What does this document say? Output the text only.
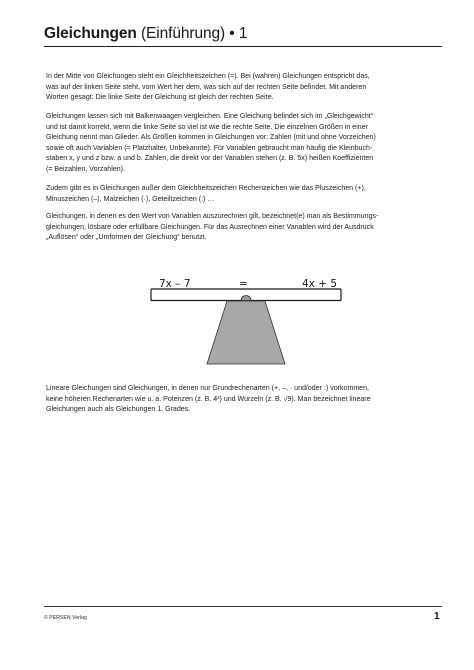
Gleichungen (Einführung) • 1
In der Mitte von Gleichungen steht ein Gleichheitszeichen (=). Bei (wahren) Gleichungen entspricht das,
was auf der linken Seite steht, vom Wert her dem, was sich auf der rechten Seite befindet. Mit anderen
Worten gesagt: Die linke Seite der Gleichung ist gleich der rechten Seite.
Gleichungen lassen sich mit Balkenwaagen vergleichen. Eine Gleichung befindet sich im „Gleichgewicht“
und ist damit korrekt, wenn die linke Seite so viel ist wie die rechte Seite. Die einzelnen Größen in einer
Gleichung nennt man Glieder. Als Größen kommen in Gleichungen vor: Zahlen (mit und ohne Vorzeichen)
sowie oft auch Variablen (= Platzhalter, Unbekannte). Für Variablen gebraucht man häufig die Kleinbuch-
staben x, y und z bzw. a und b. Zahlen, die direkt vor der Variablen stehen (z. B. 5x) heißen Koeffizienten
(= Beizahlen, Vorzahlen).
Zudem gibt es in Gleichungen außer dem Gleichheitszeichen Rechenzeichen wie das Pluszeichen (+),
Minuszeichen (–), Malzeichen (·), Geteiltzeichen (:) …
Gleichungen, in denen es den Wert von Variablen auszurechnen gilt, bezeichnet(e) man als Bestimmungs-
gleichungen, lösbare oder erfüllbare Gleichungen. Für das Ausrechnen einer Variablen wird der Ausdruck
„Auflösen“ oder „Umformen der Gleichung“ benutzt.
7x – 7	=	4x + 5
Lineare Gleichungen sind Gleichungen, in denen nur Grundrechenarten (+, –, · und/oder :) vorkommen,
keine höheren Rechenarten wie u. a. Potenzen (z. B. 4²) und Wurzeln (z. B. √9). Man bezeichnet lineare
Gleichungen auch als Gleichungen 1. Grades.
© PERSEN Verlag	1
